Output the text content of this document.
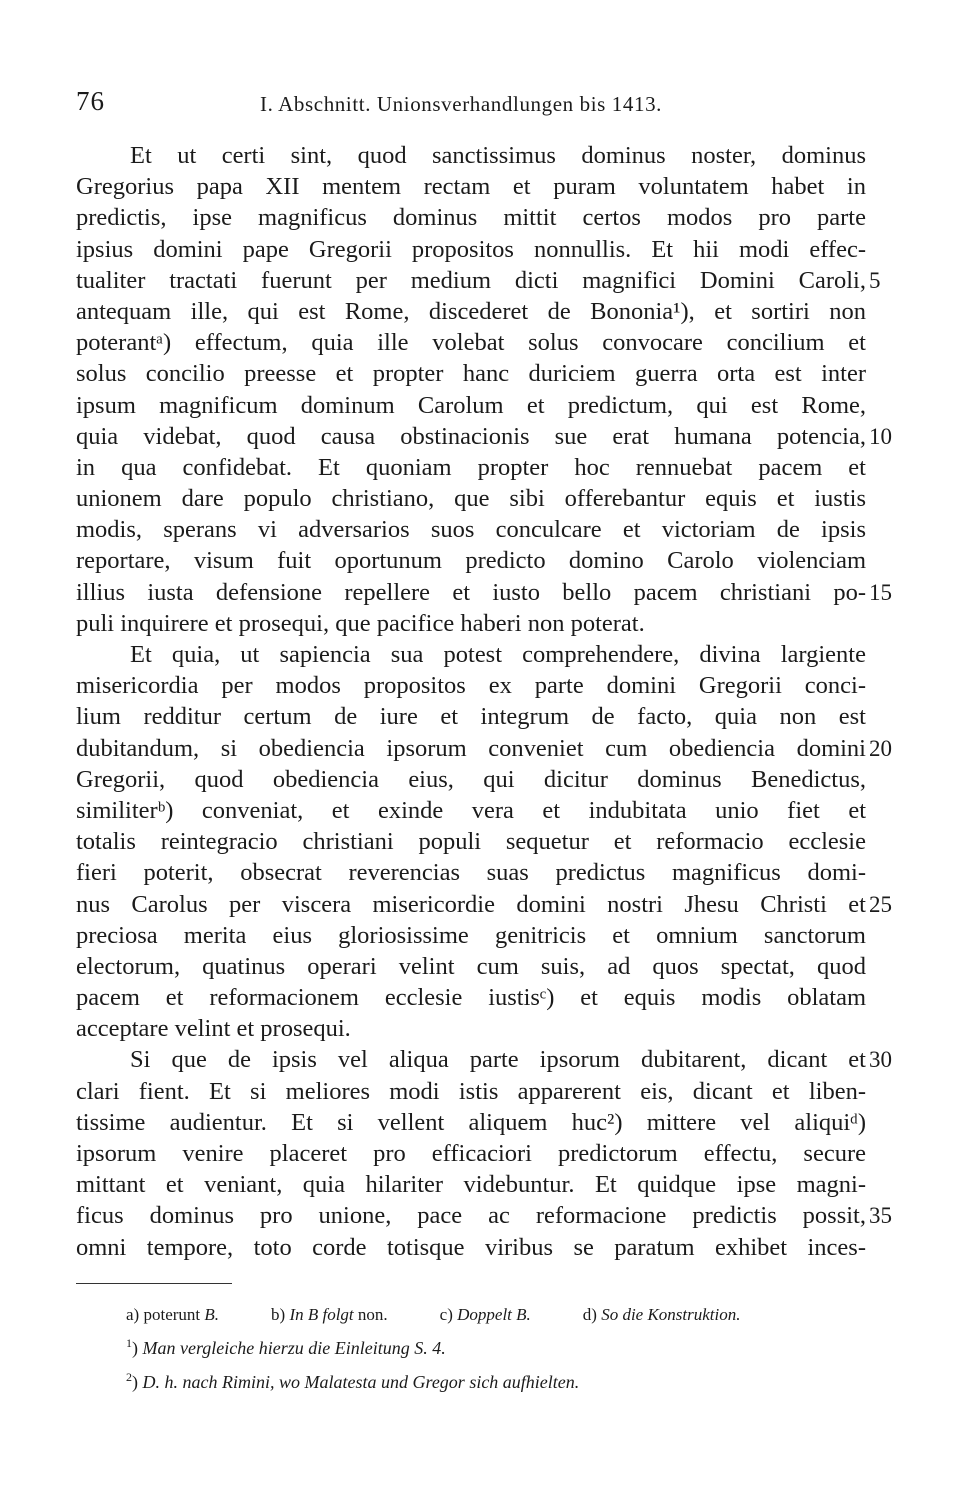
76	I. Abschnitt. Unionsverhandlungen bis 1413.
Et ut certi sint, quod sanctissimus dominus noster, dominus
Gregorius papa XII mentem rectam et puram voluntatem habet in
predictis, ipse magnificus dominus mittit certos modos pro parte
ipsius domini pape Gregorii propositos nonnullis. Et hii modi effec-
tualiter tractati fuerunt per medium dicti magnifici Domini Caroli, 5
antequam ille, qui est Rome, discederet de Bononia¹), et sortiri non
poterantᵃ) effectum, quia ille volebat solus convocare concilium et
solus concilio preesse et propter hanc duriciem guerra orta est inter
ipsum magnificum dominum Carolum et predictum, qui est Rome,
quia videbat, quod causa obstinacionis sue erat humana potencia, 10
in qua confidebat. Et quoniam propter hoc rennuebat pacem et
unionem dare populo christiano, que sibi offerebantur equis et iustis
modis, sperans vi adversarios suos conculcare et victoriam de ipsis
reportare, visum fuit oportunum predicto domino Carolo violenciam
illius iusta defensione repellere et iusto bello pacem christiani po- 15
puli inquirere et prosequi, que pacifice haberi non poterat.
Et quia, ut sapiencia sua potest comprehendere, divina largiente
misericordia per modos propositos ex parte domini Gregorii conci-
lium redditur certum de iure et integrum de facto, quia non est
dubitandum, si obediencia ipsorum conveniet cum obediencia domini 20
Gregorii, quod obediencia eius, qui dicitur dominus Benedictus,
similiterᵇ) conveniat, et exinde vera et indubitata unio fiet et
totalis reintegracio christiani populi sequetur et reformacio ecclesie
fieri poterit, obsecrat reverencias suas predictus magnificus domi-
nus Carolus per viscera misericordie domini nostri Jhesu Christi et 25
preciosa merita eius gloriosissime genitricis et omnium sanctorum
electorum, quatinus operari velint cum suis, ad quos spectat, quod
pacem et reformacionem ecclesie iustisᶜ) et equis modis oblatam
acceptare velint et prosequi.
Si que de ipsis vel aliqua parte ipsorum dubitarent, dicant et 30
clari fient. Et si meliores modi istis apparerent eis, dicant et liben-
tissime audientur. Et si vellent aliquem huc²) mittere vel aliquiᵈ)
ipsorum venire placeret pro efficaciori predictorum effectu, secure
mittant et veniant, quia hilariter videbuntur. Et quidque ipse magni-
ficus dominus pro unione, pace ac reformacione predictis possit, 35
omni tempore, toto corde totisque viribus se paratum exhibet inces-
a) poterunt B.	b) In B folgt non.	c) Doppelt B.	d) So die Konstruktion.
$^1$) Man vergleiche hierzu die Einleitung S. 4.
$^2$) D. h. nach Rimini, wo Malatesta und Gregor sich aufhielten.
